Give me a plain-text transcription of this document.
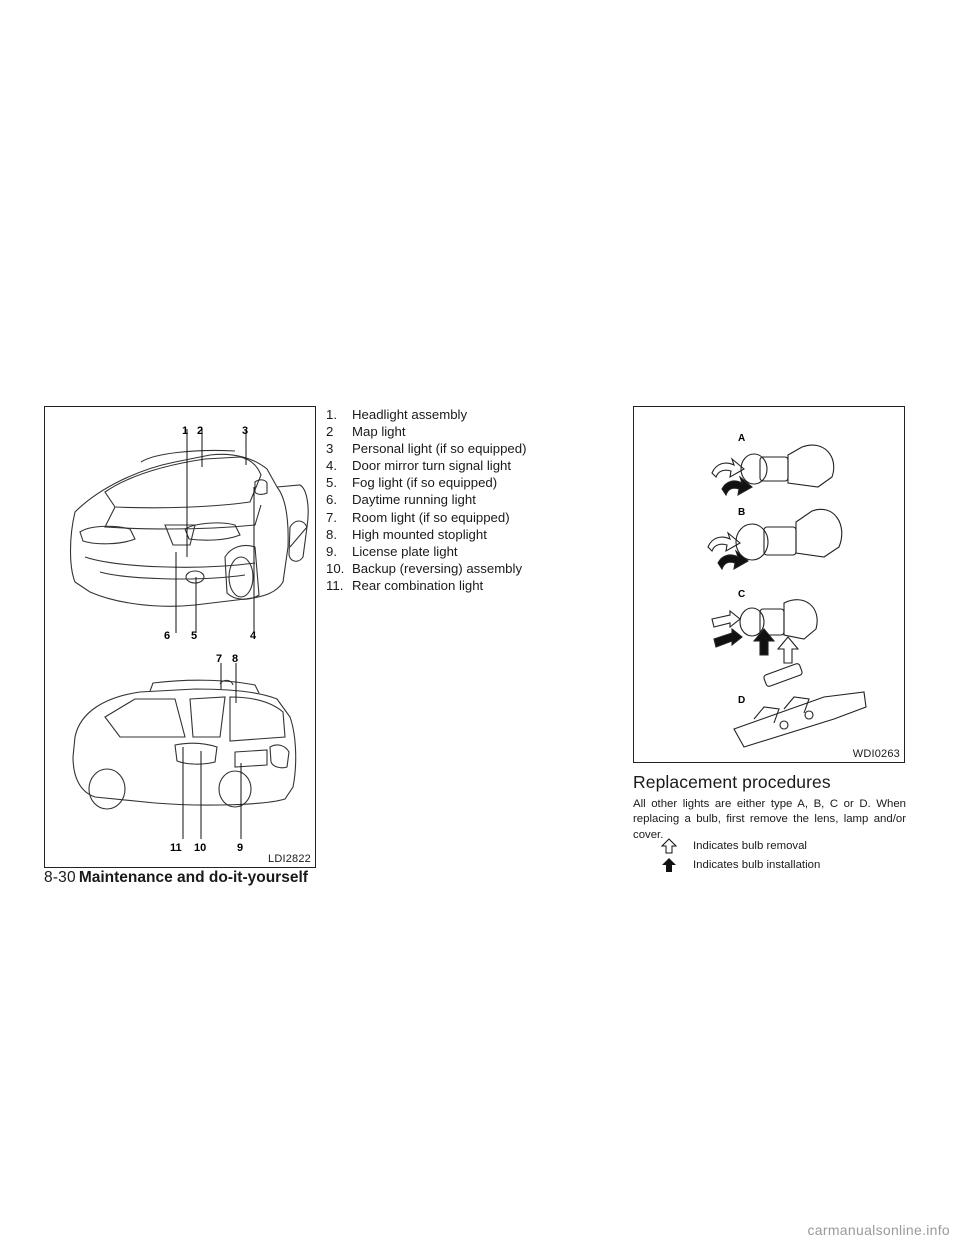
1 2	3
6 5	4
7 8
11 10	9
LDI2822
1.	Headlight assembly
2	Map light
3	Personal light (if so equipped)
4.	Door mirror turn signal light
5.	Fog light (if so equipped)
6.	Daytime running light
7.	Room light (if so equipped)
8.	High mounted stoplight
9.	License plate light
10. Backup (reversing) assembly
11. Rear combination light
A
B
C
D
WDI0263
Replacement procedures

All other lights are either type A, B, C or D. When replacing a bulb, first remove the lens, lamp and/or cover.

Indicates bulb removal
Indicates bulb installation
8-30 Maintenance and do-it-yourself
carmanualsonline.info
